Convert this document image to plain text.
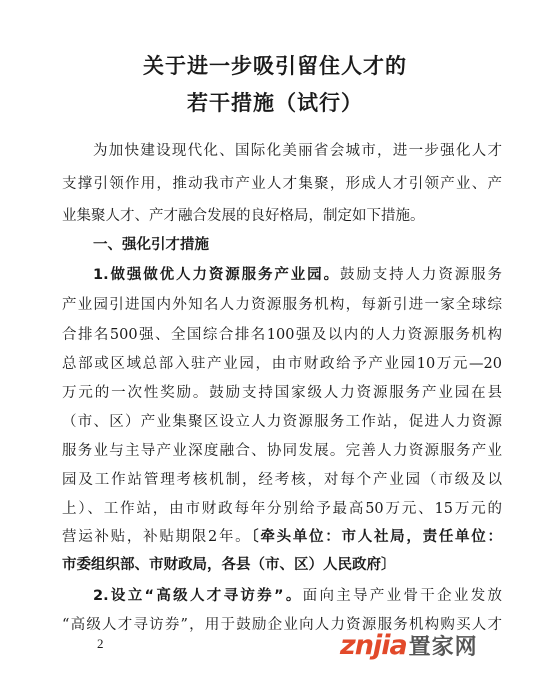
关于进一步吸引留住人才的
若干措施（试行）
为加快建设现代化、国际化美丽省会城市，进一步强化人才
支撑引领作用，推动我市产业人才集聚，形成人才引领产业、产
业集聚人才、产才融合发展的良好格局，制定如下措施。
一、强化引才措施
1.做强做优人力资源服务产业园。鼓励支持人力资源服务
产业园引进国内外知名人力资源服务机构，每新引进一家全球综
合排名500强、全国综合排名100强及以内的人力资源服务机构
总部或区域总部入驻产业园，由市财政给予产业园10万元—20
万元的一次性奖励。鼓励支持国家级人力资源服务产业园在县
（市、区）产业集聚区设立人力资源服务工作站，促进人力资源
服务业与主导产业深度融合、协同发展。完善人力资源服务产业
园及工作站管理考核机制，经考核，对每个产业园（市级及以
上）、工作站，由市财政每年分别给予最高50万元、15万元的
营运补贴，补贴期限2年。〔牵头单位：市人社局，责任单位：
市委组织部、市财政局，各县（市、区）人民政府〕
2.设立“高级人才寻访券”。面向主导产业骨干企业发放
“高级人才寻访券”，用于鼓励企业向人力资源服务机构购买人才
2	znjia 置家网
